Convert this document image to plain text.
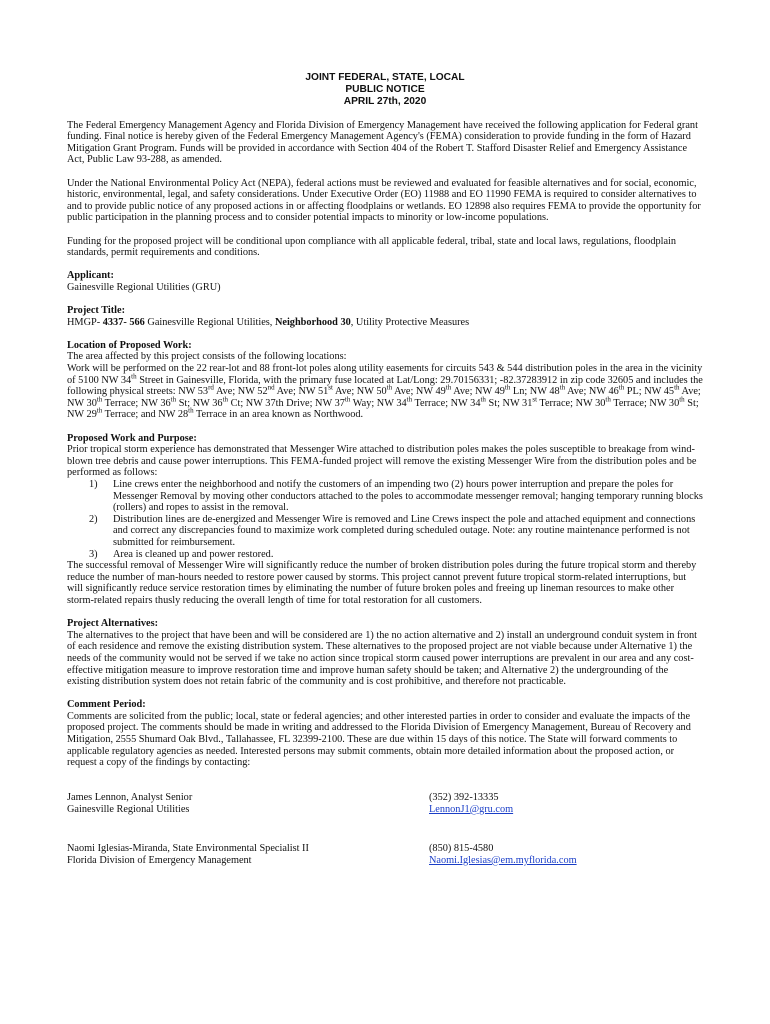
JOINT FEDERAL, STATE, LOCAL
PUBLIC NOTICE
APRIL 27th, 2020

The Federal Emergency Management Agency and Florida Division of Emergency Management have received the following application for Federal grant funding. Final notice is hereby given of the Federal Emergency Management Agency's (FEMA) consideration to provide funding in the form of Hazard Mitigation Grant Program. Funds will be provided in accordance with Section 404 of the Robert T. Stafford Disaster Relief and Emergency Assistance Act, Public Law 93-288, as amended.

Under the National Environmental Policy Act (NEPA), federal actions must be reviewed and evaluated for feasible alternatives and for social, economic, historic, environmental, legal, and safety considerations. Under Executive Order (EO) 11988 and EO 11990 FEMA is required to consider alternatives to and to provide public notice of any proposed actions in or affecting floodplains or wetlands. EO 12898 also requires FEMA to provide the opportunity for public participation in the planning process and to consider potential impacts to minority or low-income populations.

Funding for the proposed project will be conditional upon compliance with all applicable federal, tribal, state and local laws, regulations, floodplain standards, permit requirements and conditions.

Applicant:

Gainesville Regional Utilities (GRU)

Project Title:

HMGP- 4337- 566 Gainesville Regional Utilities, Neighborhood 30, Utility Protective Measures

Location of Proposed Work:

The area affected by this project consists of the following locations:

Work will be performed on the 22 rear-lot and 88 front-lot poles along utility easements for circuits 543 & 544 distribution poles in the area in the vicinity of 5100 NW 34th Street in Gainesville, Florida, with the primary fuse located at Lat/Long: 29.70156331; -82.37283912 in zip code 32605 and includes the following physical streets: NW 53rd Ave; NW 52nd Ave; NW 51st Ave; NW 50th Ave; NW 49th Ave; NW 49th Ln; NW 48th Ave; NW 46th PL; NW 45th Ave; NW 30th Terrace; NW 36th St; NW 36th Ct; NW 37th Drive; NW 37th Way; NW 34th Terrace; NW 34th St; NW 31st Terrace; NW 30th Terrace; NW 30th St; NW 29th Terrace; and NW 28th Terrace in an area known as Northwood.

Proposed Work and Purpose:

Prior tropical storm experience has demonstrated that Messenger Wire attached to distribution poles makes the poles susceptible to breakage from wind-blown tree debris and cause power interruptions. This FEMA-funded project will remove the existing Messenger Wire from the distribution poles and be performed as follows:

1) Line crews enter the neighborhood and notify the customers of an impending two (2) hours power interruption and prepare the poles for Messenger Removal by moving other conductors attached to the poles to accommodate messenger removal; hanging temporary running blocks (rollers) and ropes to assist in the removal.
2) Distribution lines are de-energized and Messenger Wire is removed and Line Crews inspect the pole and attached equipment and connections and correct any discrepancies found to maximize work completed during scheduled outage. Note: any routine maintenance performed is not submitted for reimbursement.
3) Area is cleaned up and power restored.

The successful removal of Messenger Wire will significantly reduce the number of broken distribution poles during the future tropical storm and thereby reduce the number of man-hours needed to restore power caused by storms. This project cannot prevent future tropical storm-related interruptions, but will significantly reduce service restoration times by eliminating the number of future broken poles and freeing up lineman resources to make other storm-related repairs thusly reducing the overall length of time for total restoration for all customers.

Project Alternatives:

The alternatives to the project that have been and will be considered are 1) the no action alternative and 2) install an underground conduit system in front of each residence and remove the existing distribution system. These alternatives to the proposed project are not viable because under Alternative 1) the needs of the community would not be served if we take no action since tropical storm caused power interruptions are prevalent in our area and any cost-effective mitigation measure to improve restoration time and improve human safety should be taken; and Alternative 2) the undergrounding of the existing distribution system does not retain fabric of the community and is cost prohibitive, and therefore not practicable.

Comment Period:

Comments are solicited from the public; local, state or federal agencies; and other interested parties in order to consider and evaluate the impacts of the proposed project. The comments should be made in writing and addressed to the Florida Division of Emergency Management, Bureau of Recovery and Mitigation, 2555 Shumard Oak Blvd., Tallahassee, FL 32399-2100. These are due within 15 days of this notice. The State will forward comments to applicable regulatory agencies as needed. Interested persons may submit comments, obtain more detailed information about the proposed action, or request a copy of the findings by contacting:

James Lennon, Analyst Senior
Gainesville Regional Utilities
(352) 392-13335
LennonJ1@gru.com
Naomi Iglesias-Miranda, State Environmental Specialist II
Florida Division of Emergency Management
(850) 815-4580
Naomi.Iglesias@em.myflorida.com
